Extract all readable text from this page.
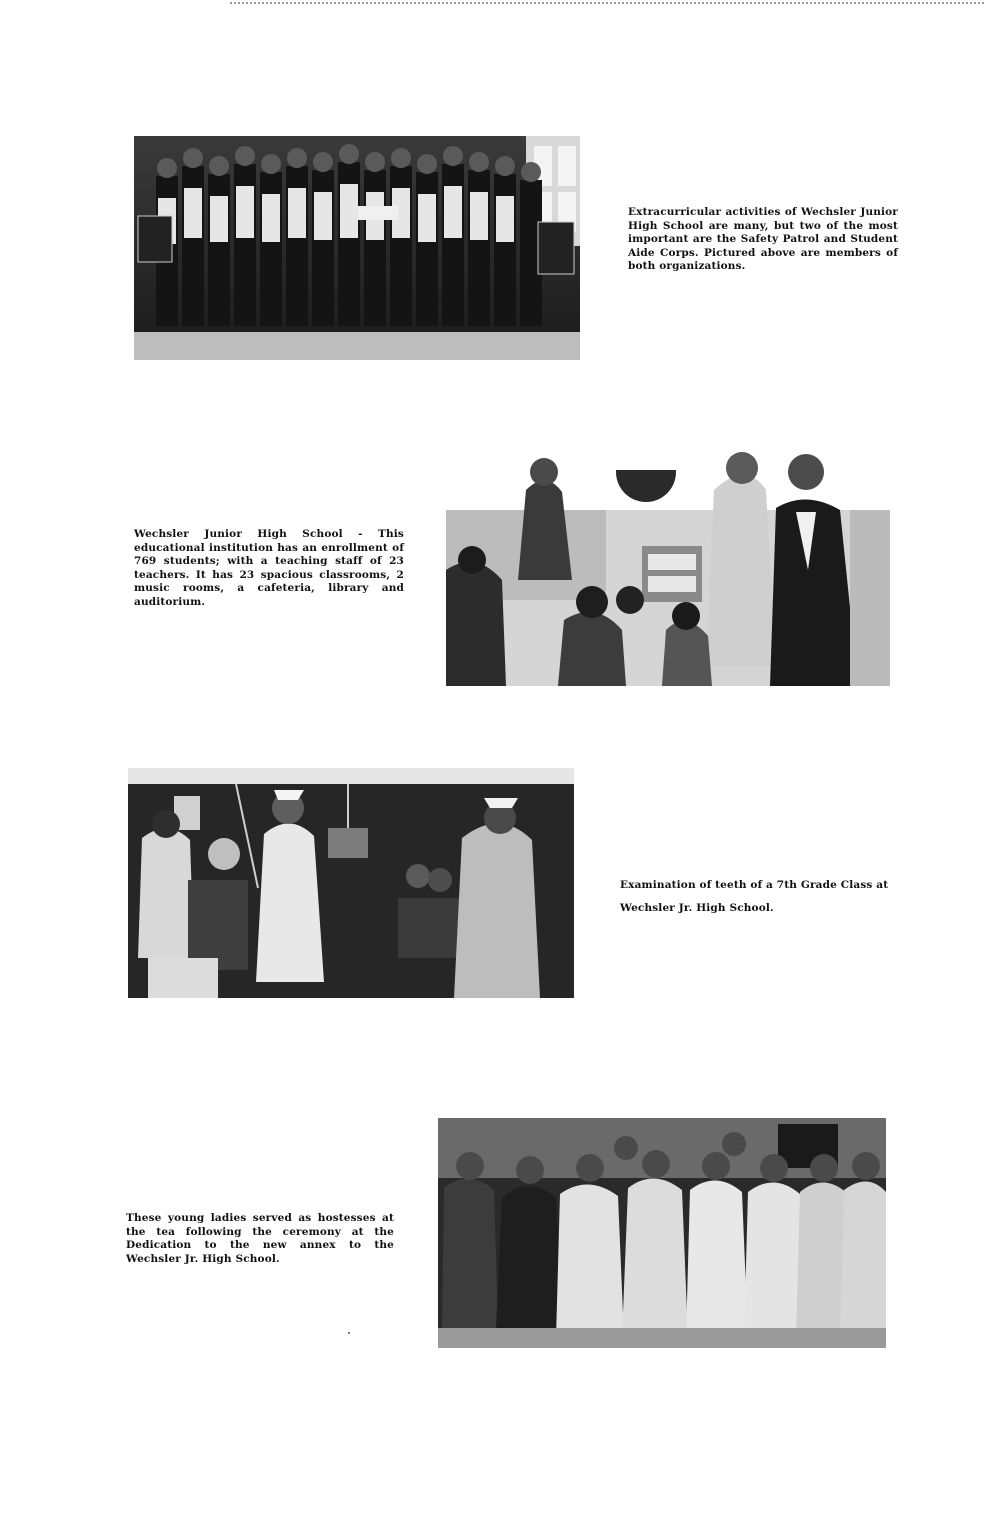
Extracurricular activities of Wechsler Junior High School are many, but two of the most important are the Safety Patrol and Student Aide Corps. Pictured above are members of both organizations.
Wechsler Junior High School - This educational institution has an enrollment of 769 students; with a teaching staff of 23 teachers. It has 23 spacious classrooms, 2 music rooms, a cafeteria, library and auditorium.
Examination of teeth of a 7th Grade Class at Wechsler Jr. High School.
These young ladies served as hostesses at the tea following the ceremony at the Dedication to the new annex to the Wechsler Jr. High School.
